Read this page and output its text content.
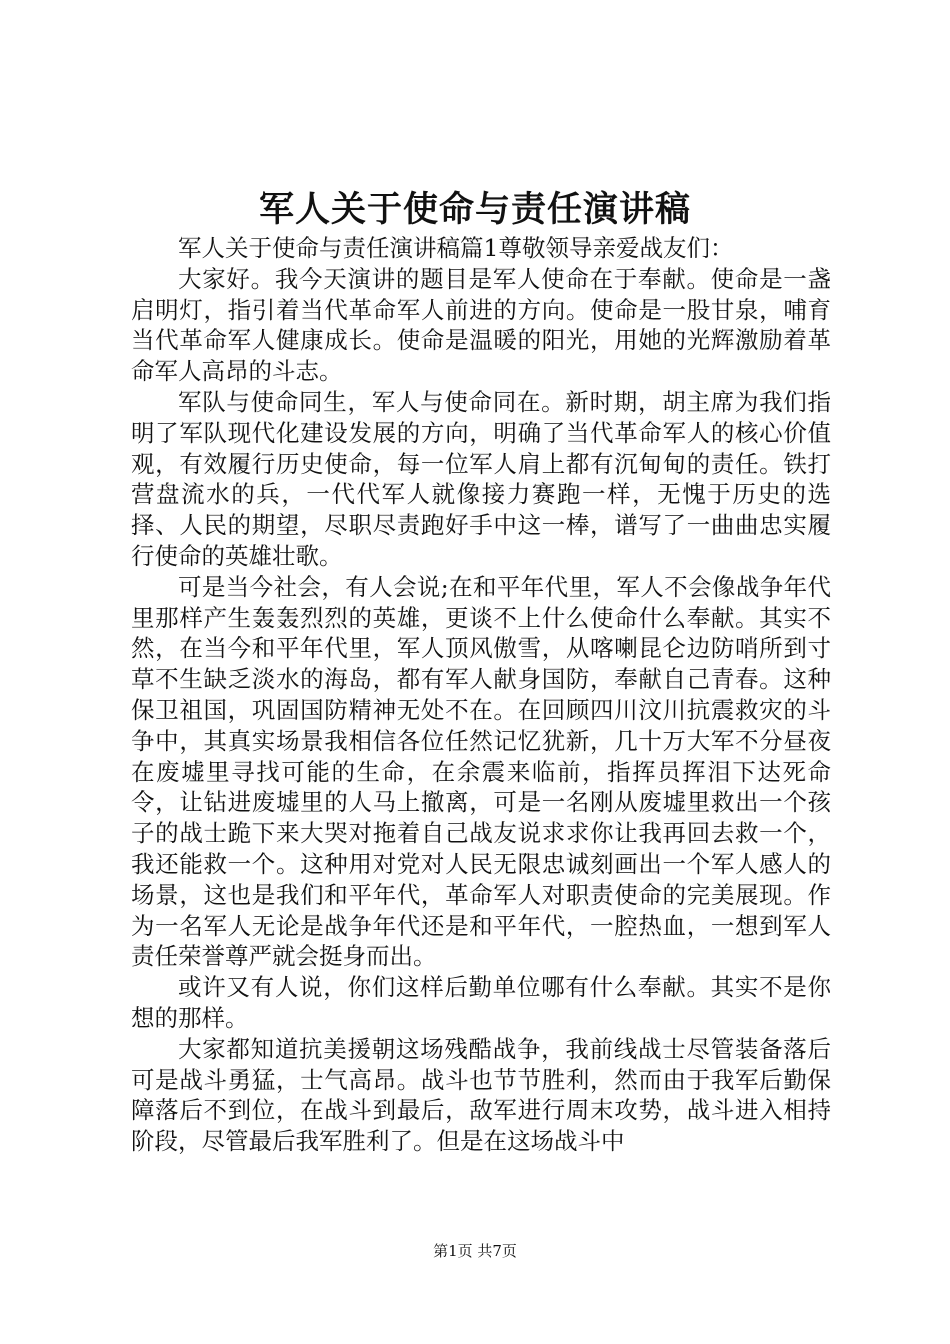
军人关于使命与责任演讲稿

军人关于使命与责任演讲稿篇1尊敬领导亲爱战友们：

大家好。我今天演讲的题目是军人使命在于奉献。使命是一盏启明灯，指引着当代革命军人前进的方向。使命是一股甘泉，哺育当代革命军人健康成长。使命是温暖的阳光，用她的光辉激励着革命军人高昂的斗志。

军队与使命同生，军人与使命同在。新时期，胡主席为我们指明了军队现代化建设发展的方向，明确了当代革命军人的核心价值观，有效履行历史使命，每一位军人肩上都有沉甸甸的责任。铁打营盘流水的兵，一代代军人就像接力赛跑一样，无愧于历史的选择、人民的期望，尽职尽责跑好手中这一棒，谱写了一曲曲忠实履行使命的英雄壮歌。

可是当今社会，有人会说;在和平年代里，军人不会像战争年代里那样产生轰轰烈烈的英雄，更谈不上什么使命什么奉献。其实不然，在当今和平年代里，军人顶风傲雪，从喀喇昆仑边防哨所到寸草不生缺乏淡水的海岛，都有军人献身国防，奉献自己青春。这种保卫祖国，巩固国防精神无处不在。在回顾四川汶川抗震救灾的斗争中，其真实场景我相信各位任然记忆犹新，几十万大军不分昼夜在废墟里寻找可能的生命，在余震来临前，指挥员挥泪下达死命令，让钻进废墟里的人马上撤离，可是一名刚从废墟里救出一个孩子的战士跪下来大哭对拖着自己战友说求求你让我再回去救一个，我还能救一个。这种用对党对人民无限忠诚刻画出一个军人感人的场景，这也是我们和平年代，革命军人对职责使命的完美展现。作为一名军人无论是战争年代还是和平年代，一腔热血，一想到军人责任荣誉尊严就会挺身而出。

或许又有人说，你们这样后勤单位哪有什么奉献。其实不是你想的那样。

大家都知道抗美援朝这场残酷战争，我前线战士尽管装备落后可是战斗勇猛，士气高昂。战斗也节节胜利，然而由于我军后勤保障落后不到位，在战斗到最后，敌军进行周末攻势，战斗进入相持阶段，尽管最后我军胜利了。但是在这场战斗中

第1页 共7页
